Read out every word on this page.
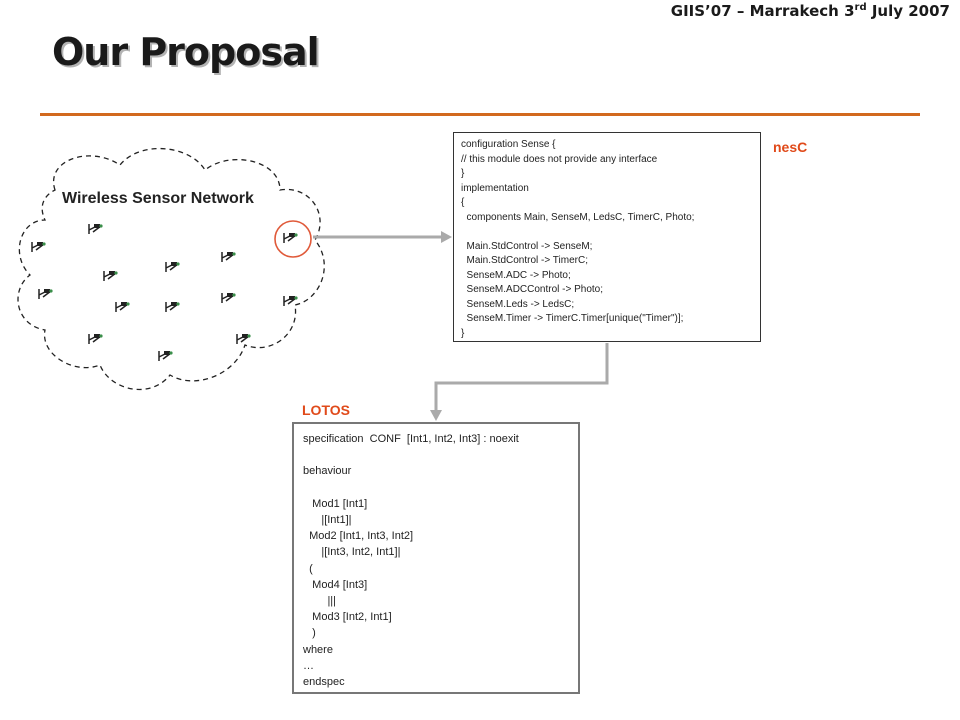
GIIS’07 – Marrakech 3rd July 2007
Our Proposal
Wireless Sensor Network
nesC
configuration Sense {
// this module does not provide any interface
}
implementation
{
components Main, SenseM, LedsC, TimerC, Photo;

Main.StdControl -> SenseM;
Main.StdControl -> TimerC;
SenseM.ADC -> Photo;
SenseM.ADCControl -> Photo;
SenseM.Leds -> LedsC;
SenseM.Timer -> TimerC.Timer[unique("Timer")];
}
LOTOS
specification  CONF  [Int1, Int2, Int3] : noexit

behaviour

Mod1 [Int1]
|[Int1]|
Mod2 [Int1, Int3, Int2]
|[Int3, Int2, Int1]|
(
Mod4 [Int3]
|||
Mod3 [Int2, Int1]
)
where
…
endspec
